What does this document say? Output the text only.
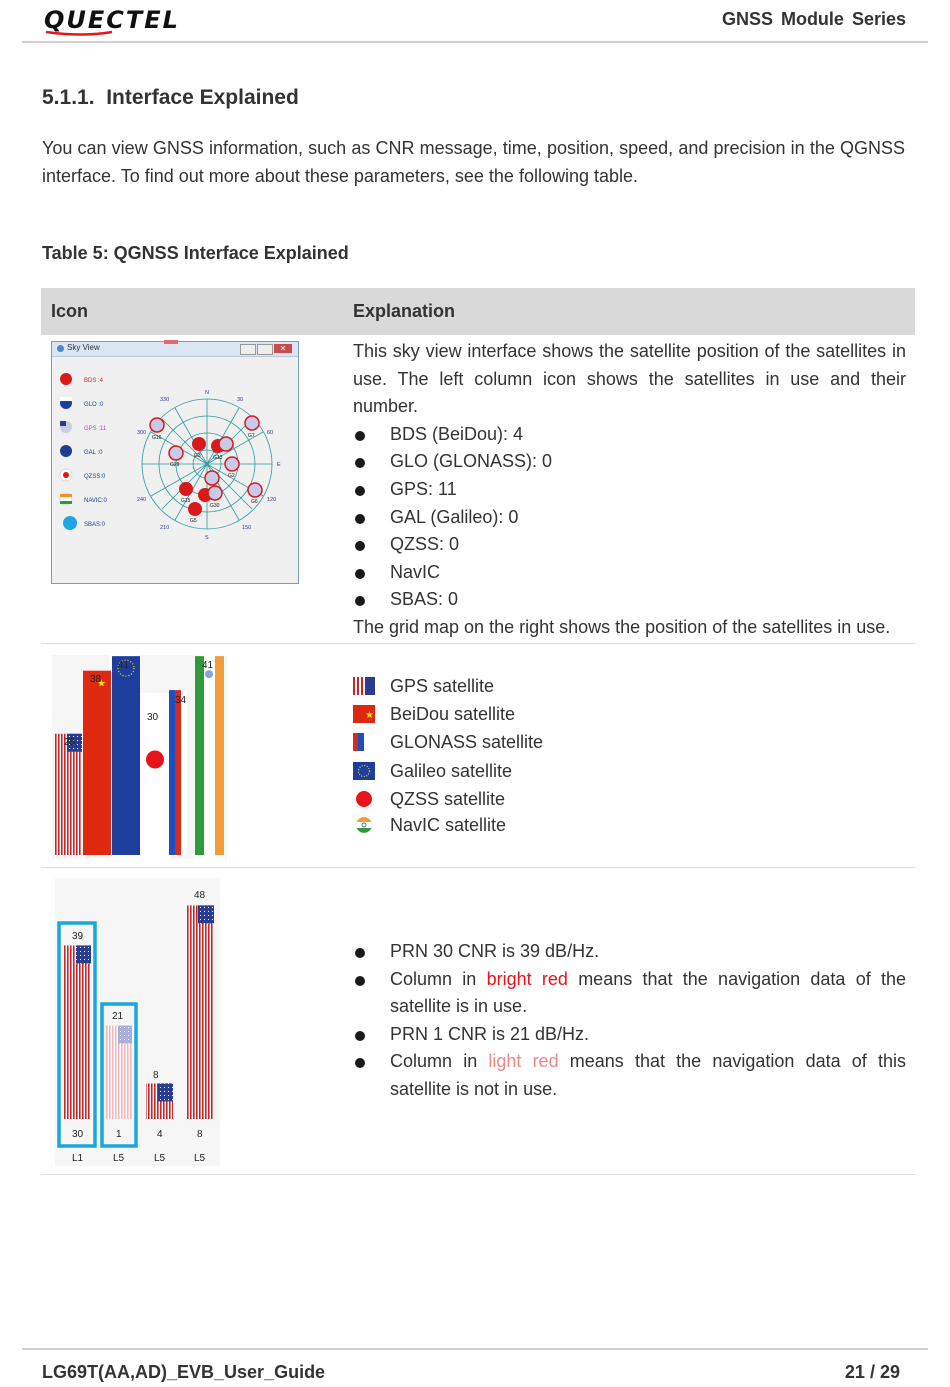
QUECTEL	GNSS Module Series
5.1.1. Interface Explained
You can view GNSS information, such as CNR message, time, position, speed, and precision in the QGNSS interface. To find out more about these parameters, see the following table.
Table 5: QGNSS Interface Explained
Icon	Explanation
Sky View	✕
BDS :4
GLO :0
GPS :11
GAL :0
QZSS:0
NAVIC:0
SBAS:0
N
E
S
330	30
60
120
150
210
240
300
G16	G7
G3
G29
G13
G2
G6
G15
G30
G5

This sky view interface shows the satellite position of the satellites in use. The left column icon shows the satellites in use and their number.

BDS (BeiDou): 4
GLO (GLONASS): 0
GPS: 11
GAL (Galileo): 0
QZSS: 0
NavIC
SBAS: 0

The grid map on the right shows the position of the satellites in use.

★
25
38
41
30
34
41
GPS satellite
★ BeiDou satellite
GLONASS satellite
Galileo satellite
QZSS satellite
NavIC satellite
39
21
8
48
30	1	4	8
L1	L5	L5	L5
PRN 30 CNR is 39 dB/Hz.
Column in bright red means that the navigation data of the satellite is in use.
PRN 1 CNR is 21 dB/Hz.
Column in light red means that the navigation data of this satellite is not in use.
LG69T(AA,AD)_EVB_User_Guide	21 / 29
